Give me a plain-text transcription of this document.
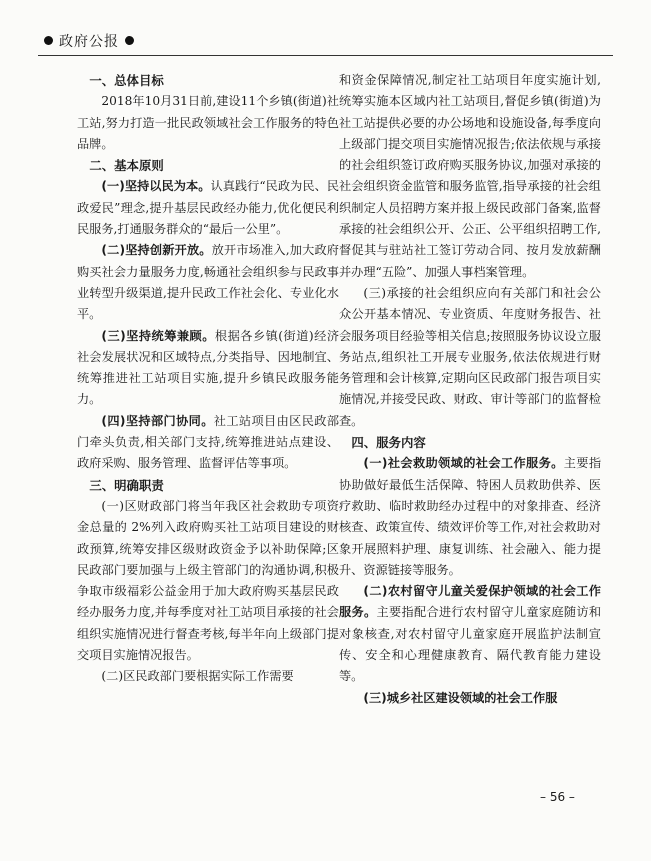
政府公报

一、总体目标

2018年10月31日前,建设11个乡镇(街道)社工站,努力打造一批民政领域社会工作服务的特色品牌。

二、基本原则

(一)坚持以民为本。认真践行“民政为民、民政爱民”理念,提升基层民政经办能力,优化便民利民服务,打通服务群众的“最后一公里”。

(二)坚持创新开放。放开市场准入,加大政府购买社会力量服务力度,畅通社会组织参与民政事业转型升级渠道,提升民政工作社会化、专业化水平。

(三)坚持统筹兼顾。根据各乡镇(街道)经济社会发展状况和区域特点,分类指导、因地制宜、统筹推进社工站项目实施,提升乡镇民政服务能力。

(四)坚持部门协同。社工站项目由区民政部门牵头负责,相关部门支持,统筹推进站点建设、政府采购、服务管理、监督评估等事项。

三、明确职责

(一)区财政部门将当年我区社会救助专项资金总量的 2%列入政府购买社工站项目建设的财政预算,统筹安排区级财政资金予以补助保障;区民政部门要加强与上级主管部门的沟通协调,积极争取市级福彩公益金用于加大政府购买基层民政经办服务力度,并每季度对社工站项目承接的社会组织实施情况进行督查考核,每半年向上级部门提交项目实施情况报告。

(二)区民政部门要根据实际工作需要

和资金保障情况,制定社工站项目年度实施计划,统筹实施本区域内社工站项目,督促乡镇(街道)为社工站提供必要的办公场地和设施设备,每季度向上级部门提交项目实施情况报告;依法依规与承接的社会组织签订政府购买服务协议,加强对承接的社会组织资金监管和服务监管,指导承接的社会组织制定人员招聘方案并报上级民政部门备案,监督承接的社会组织公开、公正、公平组织招聘工作,督促其与驻站社工签订劳动合同、按月发放薪酬并办理“五险”、加强人事档案管理。

(三)承接的社会组织应向有关部门和社会公众公开基本情况、专业资质、年度财务报告、社会服务项目经验等相关信息;按照服务协议设立服务站点,组织社工开展专业服务,依法依规进行财务管理和会计核算,定期向区民政部门报告项目实施情况,并接受民政、财政、审计等部门的监督检查。

四、服务内容

(一)社会救助领域的社会工作服务。主要指协助做好最低生活保障、特困人员救助供养、医疗救助、临时救助经办过程中的对象排查、经济核查、政策宣传、绩效评价等工作,对社会救助对象开展照料护理、康复训练、社会融入、能力提升、资源链接等服务。

(二)农村留守儿童关爱保护领域的社会工作服务。主要指配合进行农村留守儿童家庭随访和对象核查,对农村留守儿童家庭开展监护法制宣传、安全和心理健康教育、隔代教育能力建设等。

(三)城乡社区建设领域的社会工作服

– 56 –
